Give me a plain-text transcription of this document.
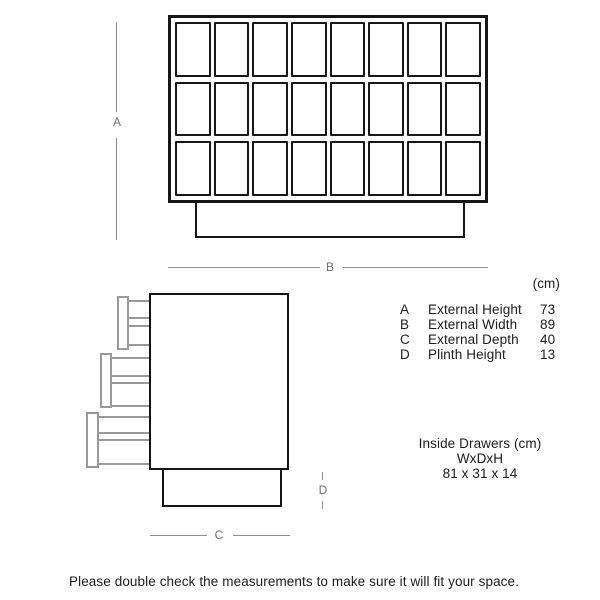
A
B
C
D
(cm)
A	External Height	73
B	External Width	89
C	External Depth	40
D	Plinth Height	13
Inside Drawers (cm)
WxDxH
81 x 31 x 14
Please double check the measurements to make sure it will fit your space.
